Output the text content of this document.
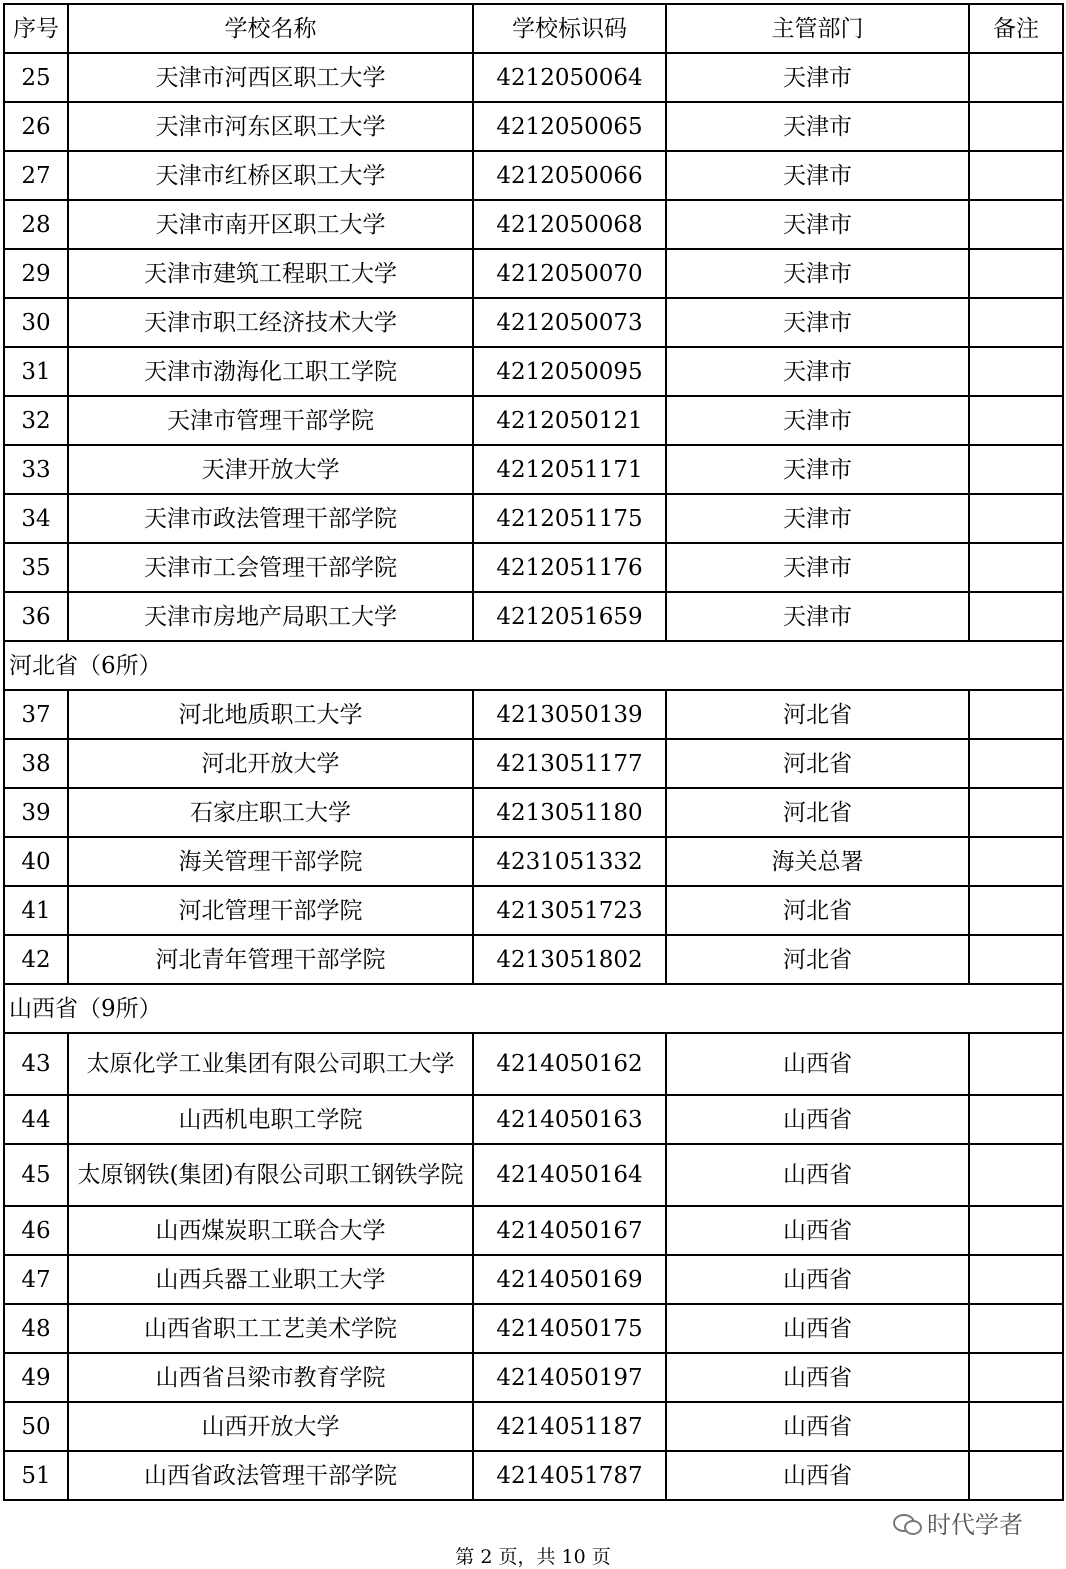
序号	学校名称	学校标识码	主管部门	备注
25	天津市河西区职工大学	4212050064	天津市	
26	天津市河东区职工大学	4212050065	天津市	
27	天津市红桥区职工大学	4212050066	天津市	
28	天津市南开区职工大学	4212050068	天津市	
29	天津市建筑工程职工大学	4212050070	天津市	
30	天津市职工经济技术大学	4212050073	天津市	
31	天津市渤海化工职工学院	4212050095	天津市	
32	天津市管理干部学院	4212050121	天津市	
33	天津开放大学	4212051171	天津市	
34	天津市政法管理干部学院	4212051175	天津市	
35	天津市工会管理干部学院	4212051176	天津市	
36	天津市房地产局职工大学	4212051659	天津市	
河北省（6所）				
37	河北地质职工大学	4213050139	河北省	
38	河北开放大学	4213051177	河北省	
39	石家庄职工大学	4213051180	河北省	
40	海关管理干部学院	4231051332	海关总署	
41	河北管理干部学院	4213051723	河北省	
42	河北青年管理干部学院	4213051802	河北省	
山西省（9所）				
43	太原化学工业集团有限公司职工大学	4214050162	山西省	
44	山西机电职工学院	4214050163	山西省	
45	太原钢铁(集团)有限公司职工钢铁学院	4214050164	山西省	
46	山西煤炭职工联合大学	4214050167	山西省	
47	山西兵器工业职工大学	4214050169	山西省	
48	山西省职工工艺美术学院	4214050175	山西省	
49	山西省吕梁市教育学院	4214050197	山西省	
50	山西开放大学	4214051187	山西省	
51	山西省政法管理干部学院	4214051787	山西省	
时代学者
第 2 页，共 10 页
